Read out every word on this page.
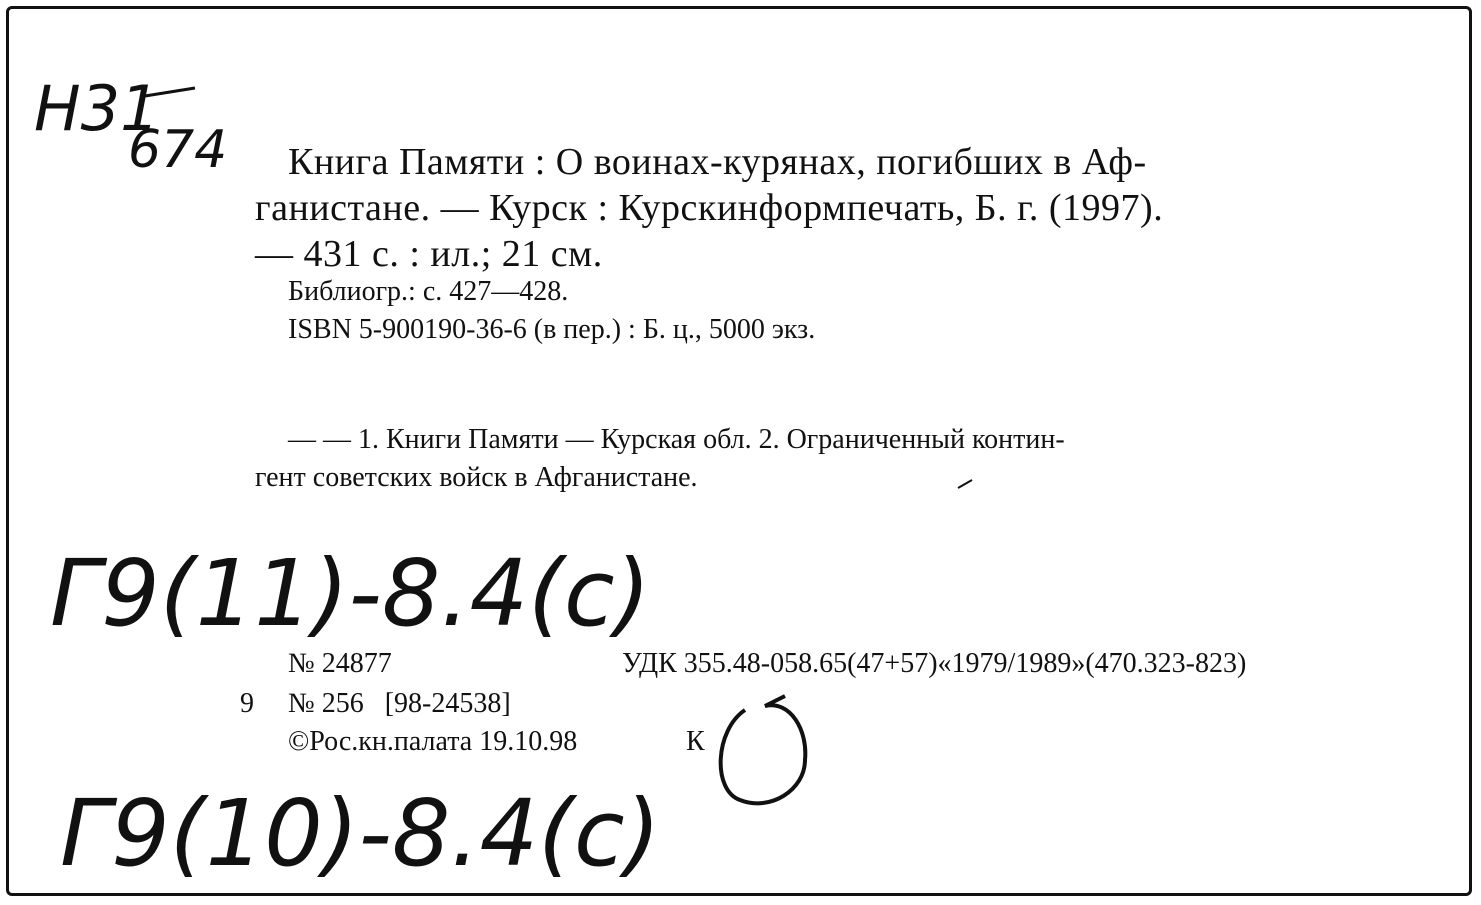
Н31
674 Книга Памяти : О воинах-курянах, погибших в Аф-
ганистане. — Курск : Курскинформпечать, Б. г. (1997).
— 431 с. : ил.; 21 см.
Библиогр.: с. 427—428.
ISBN 5-900190-36-6 (в пер.) : Б. ц., 5000 экз.
— — 1. Книги Памяти — Курская обл. 2. Ограниченный контин-
гент советских войск в Афганистане.
Г9(11)-8.4(с)
№ 24877	УДК 355.48-058.65(47+57)«1979/1989»(470.323-823)
9 № 256   [98-24538]
©Рос.кн.палата 19.10.98	К
Г9(10)-8.4(с)
